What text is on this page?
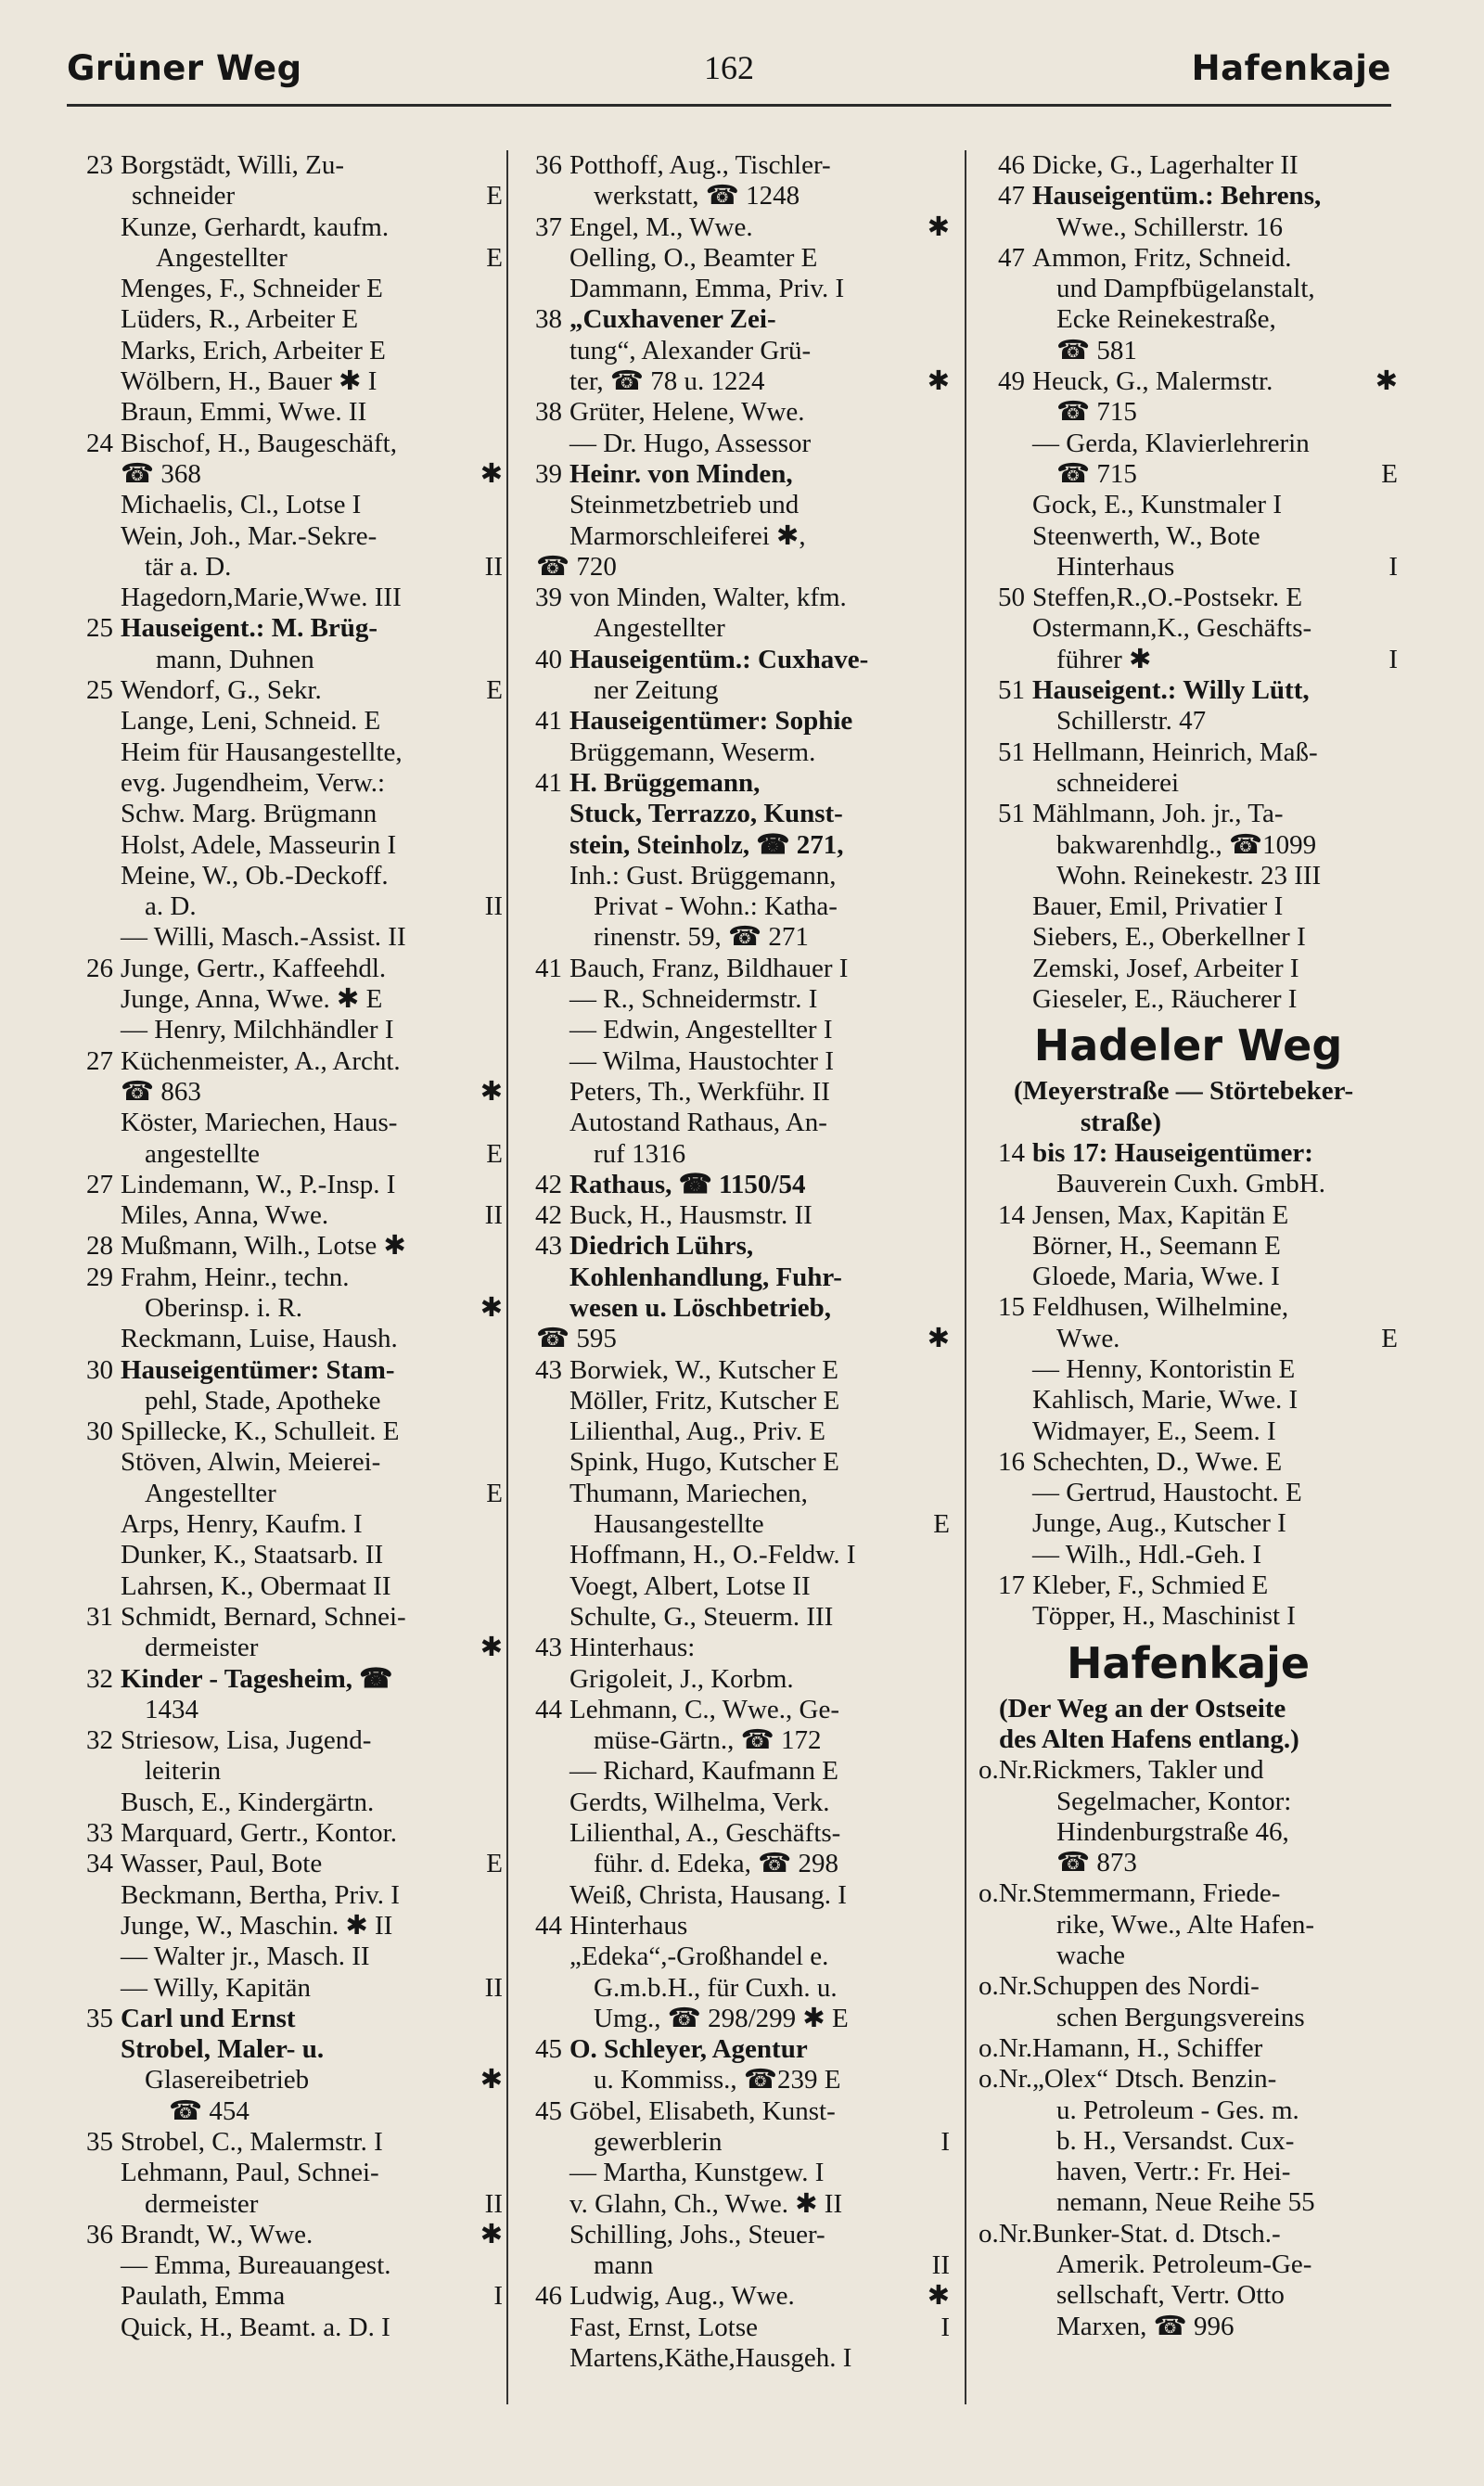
Grüner Weg	162	Hafenkaje
23 Borgstädt, Willi, Zu-
schneider	E
Kunze, Gerhardt, kaufm.
Angestellter	E
Menges, F., Schneider E
Lüders, R., Arbeiter E
Marks, Erich, Arbeiter E
Wölbern, H., Bauer ✱ I
Braun, Emmi, Wwe. II
24 Bischof, H., Baugeschäft,
☎ 368	✱
Michaelis, Cl., Lotse I
Wein, Joh., Mar.-Sekre-
tär a. D.	II
Hagedorn,Marie,Wwe. III
25 Hauseigent.: M. Brüg-
mann, Duhnen
25 Wendorf, G., Sekr.	E
Lange, Leni, Schneid. E
Heim für Hausangestellte,
evg. Jugendheim, Verw.:
Schw. Marg. Brügmann
Holst, Adele, Masseurin I
Meine, W., Ob.-Deckoff.
a. D.	II
— Willi, Masch.-Assist. II
26 Junge, Gertr., Kaffeehdl.
Junge, Anna, Wwe. ✱ E
— Henry, Milchhändler I
27 Küchenmeister, A., Archt.
☎ 863	✱
Köster, Mariechen, Haus-
angestellte	E
27 Lindemann, W., P.-Insp. I
Miles, Anna, Wwe.	II
28 Mußmann, Wilh., Lotse ✱
29 Frahm, Heinr., techn.
Oberinsp. i. R.	✱
Reckmann, Luise, Haush.
30 Hauseigentümer: Stam-
pehl, Stade, Apotheke
30 Spillecke, K., Schulleit. E
Stöven, Alwin, Meierei-
Angestellter	E
Arps, Henry, Kaufm. I
Dunker, K., Staatsarb. II
Lahrsen, K., Obermaat II
31 Schmidt, Bernard, Schnei-
dermeister	✱
32 Kinder - Tagesheim, ☎
1434
32 Striesow, Lisa, Jugend-
leiterin
Busch, E., Kindergärtn.
33 Marquard, Gertr., Kontor.
34 Wasser, Paul, Bote	E
Beckmann, Bertha, Priv. I
Junge, W., Maschin. ✱ II
— Walter jr., Masch. II
— Willy, Kapitän	II
35 Carl und Ernst
Strobel, Maler- u.
Glasereibetrieb	✱
☎ 454
35 Strobel, C., Malermstr. I
Lehmann, Paul, Schnei-
dermeister	II
36 Brandt, W., Wwe.	✱
— Emma, Bureauangest.
Paulath, Emma	I
Quick, H., Beamt. a. D. I
36 Potthoff, Aug., Tischler-
werkstatt, ☎ 1248
37 Engel, M., Wwe.	✱
Oelling, O., Beamter E
Dammann, Emma, Priv. I
38 „Cuxhavener Zei-
tung“, Alexander Grü-
ter, ☎ 78 u. 1224	✱
38 Grüter, Helene, Wwe.
— Dr. Hugo, Assessor
39 Heinr. von Minden,
Steinmetzbetrieb und
Marmorschleiferei ✱,
☎ 720
39 von Minden, Walter, kfm.
Angestellter
40 Hauseigentüm.: Cuxhave-
ner Zeitung
41 Hauseigentümer: Sophie
Brüggemann, Weserm.
41 H. Brüggemann,
Stuck, Terrazzo, Kunst-
stein, Steinholz, ☎ 271,
Inh.: Gust. Brüggemann,
Privat - Wohn.: Katha-
rinenstr. 59, ☎ 271
41 Bauch, Franz, Bildhauer I
— R., Schneidermstr. I
— Edwin, Angestellter I
— Wilma, Haustochter I
Peters, Th., Werkführ. II
Autostand Rathaus, An-
ruf 1316
42 Rathaus, ☎ 1150/54
42 Buck, H., Hausmstr. II
43 Diedrich Lührs,
Kohlenhandlung, Fuhr-
wesen u. Löschbetrieb,
☎ 595	✱
43 Borwiek, W., Kutscher E
Möller, Fritz, Kutscher E
Lilienthal, Aug., Priv. E
Spink, Hugo, Kutscher E
Thumann, Mariechen,
Hausangestellte	E
Hoffmann, H., O.-Feldw. I
Voegt, Albert, Lotse II
Schulte, G., Steuerm. III
43 Hinterhaus:
Grigoleit, J., Korbm.
44 Lehmann, C., Wwe., Ge-
müse-Gärtn., ☎ 172
— Richard, Kaufmann E
Gerdts, Wilhelma, Verk.
Lilienthal, A., Geschäfts-
führ. d. Edeka, ☎ 298
Weiß, Christa, Hausang. I
44 Hinterhaus
„Edeka“,-Großhandel e.
G.m.b.H., für Cuxh. u.
Umg., ☎ 298/299 ✱ E
45 O. Schleyer, Agentur
u. Kommiss., ☎239 E
45 Göbel, Elisabeth, Kunst-
gewerblerin	I
— Martha, Kunstgew. I
v. Glahn, Ch., Wwe. ✱ II
Schilling, Johs., Steuer-
mann	II
46 Ludwig, Aug., Wwe.	✱
Fast, Ernst, Lotse	I
Martens,Käthe,Hausgeh. I
46 Dicke, G., Lagerhalter II
47 Hauseigentüm.: Behrens,
Wwe., Schillerstr. 16
47 Ammon, Fritz, Schneid.
und Dampfbügelanstalt,
Ecke Reinekestraße,
☎ 581
49 Heuck, G., Malermstr.	✱
☎ 715
— Gerda, Klavierlehrerin
☎ 715	E
Gock, E., Kunstmaler I
Steenwerth, W., Bote
Hinterhaus	I
50 Steffen,R.,O.-Postsekr. E
Ostermann,K., Geschäfts-
führer ✱	I
51 Hauseigent.: Willy Lütt,
Schillerstr. 47
51 Hellmann, Heinrich, Maß-
schneiderei
51 Mählmann, Joh. jr., Ta-
bakwarenhdlg., ☎1099
Wohn. Reinekestr. 23 III
Bauer, Emil, Privatier I
Siebers, E., Oberkellner I
Zemski, Josef, Arbeiter I
Gieseler, E., Räucherer I
Hadeler Weg
(Meyerstraße — Störtebeker-
straße)
14 bis 17: Hauseigentümer:
Bauverein Cuxh. GmbH.
14 Jensen, Max, Kapitän E
Börner, H., Seemann E
Gloede, Maria, Wwe. I
15 Feldhusen, Wilhelmine,
Wwe.	E
— Henny, Kontoristin E
Kahlisch, Marie, Wwe. I
Widmayer, E., Seem. I
16 Schechten, D., Wwe. E
— Gertrud, Haustocht. E
Junge, Aug., Kutscher I
— Wilh., Hdl.-Geh. I
17 Kleber, F., Schmied E
Töpper, H., Maschinist I
Hafenkaje
(Der Weg an der Ostseite
des Alten Hafens entlang.)
o.Nr. Rickmers, Takler und
Segelmacher, Kontor:
Hindenburgstraße 46,
☎ 873
o.Nr. Stemmermann, Friede-
rike, Wwe., Alte Hafen-
wache
o.Nr. Schuppen des Nordi-
schen Bergungsvereins
o.Nr. Hamann, H., Schiffer
o.Nr. „Olex“ Dtsch. Benzin-
u. Petroleum - Ges. m.
b. H., Versandst. Cux-
haven, Vertr.: Fr. Hei-
nemann, Neue Reihe 55
o.Nr. Bunker-Stat. d. Dtsch.-
Amerik. Petroleum-Ge-
sellschaft, Vertr. Otto
Marxen, ☎ 996
